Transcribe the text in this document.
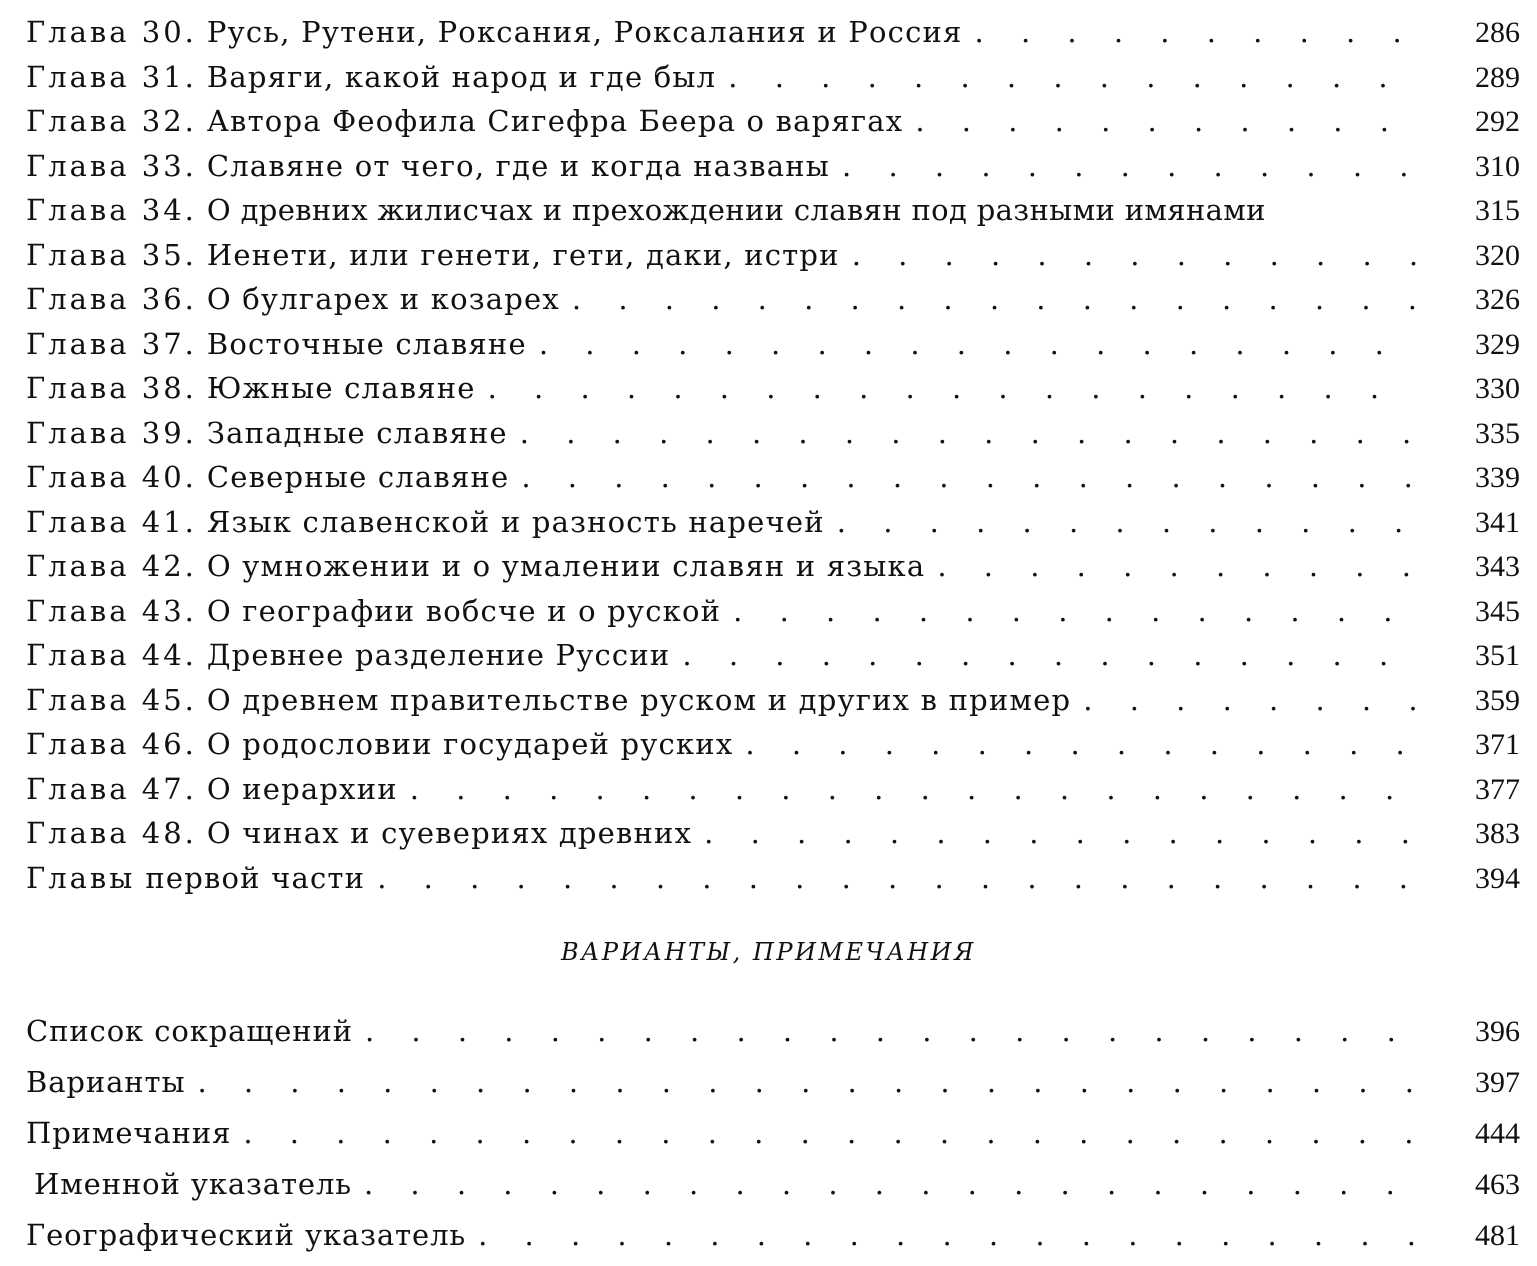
Глава 30. Русь, Рутени, Роксания, Роксалания и Россия . . .	286
Глава 31. Варяги, какой народ и где был . . .	289
Глава 32. Автора Феофила Сигефра Беера о варягах . . .	292
Глава 33. Славяне от чего, где и когда названы . . .	310
Глава 34. О древних жилисчах и прехождении славян под разными имянами	315
Глава 35. Иенети, или генети, гети, даки, истри . . .	320
Глава 36. О булгарех и козарех . . .	326
Глава 37. Восточные славяне . . .	329
Глава 38. Южные славяне . . .	330
Глава 39. Западные славяне . . .	335
Глава 40. Северные славяне . . .	339
Глава 41. Язык славенской и разность наречей . . .	341
Глава 42. О умножении и о умалении славян и языка . . .	343
Глава 43. О географии вобсче и о руской . . .	345
Глава 44. Древнее разделение Руссии . . .	351
Глава 45. О древнем правительстве руском и других в пример . . .	359
Глава 46. О родословии государей руских . . .	371
Глава 47. О иерархии . . .	377
Глава 48. О чинах и суевериях древних . . .	383
Главы первой части . . .	394
ВАРИАНТЫ, ПРИМЕЧАНИЯ
Список сокращений . . .	396
Варианты . . .	397
Примечания . . .	444
Именной указатель . . .	463
Географический указатель . . .	481
